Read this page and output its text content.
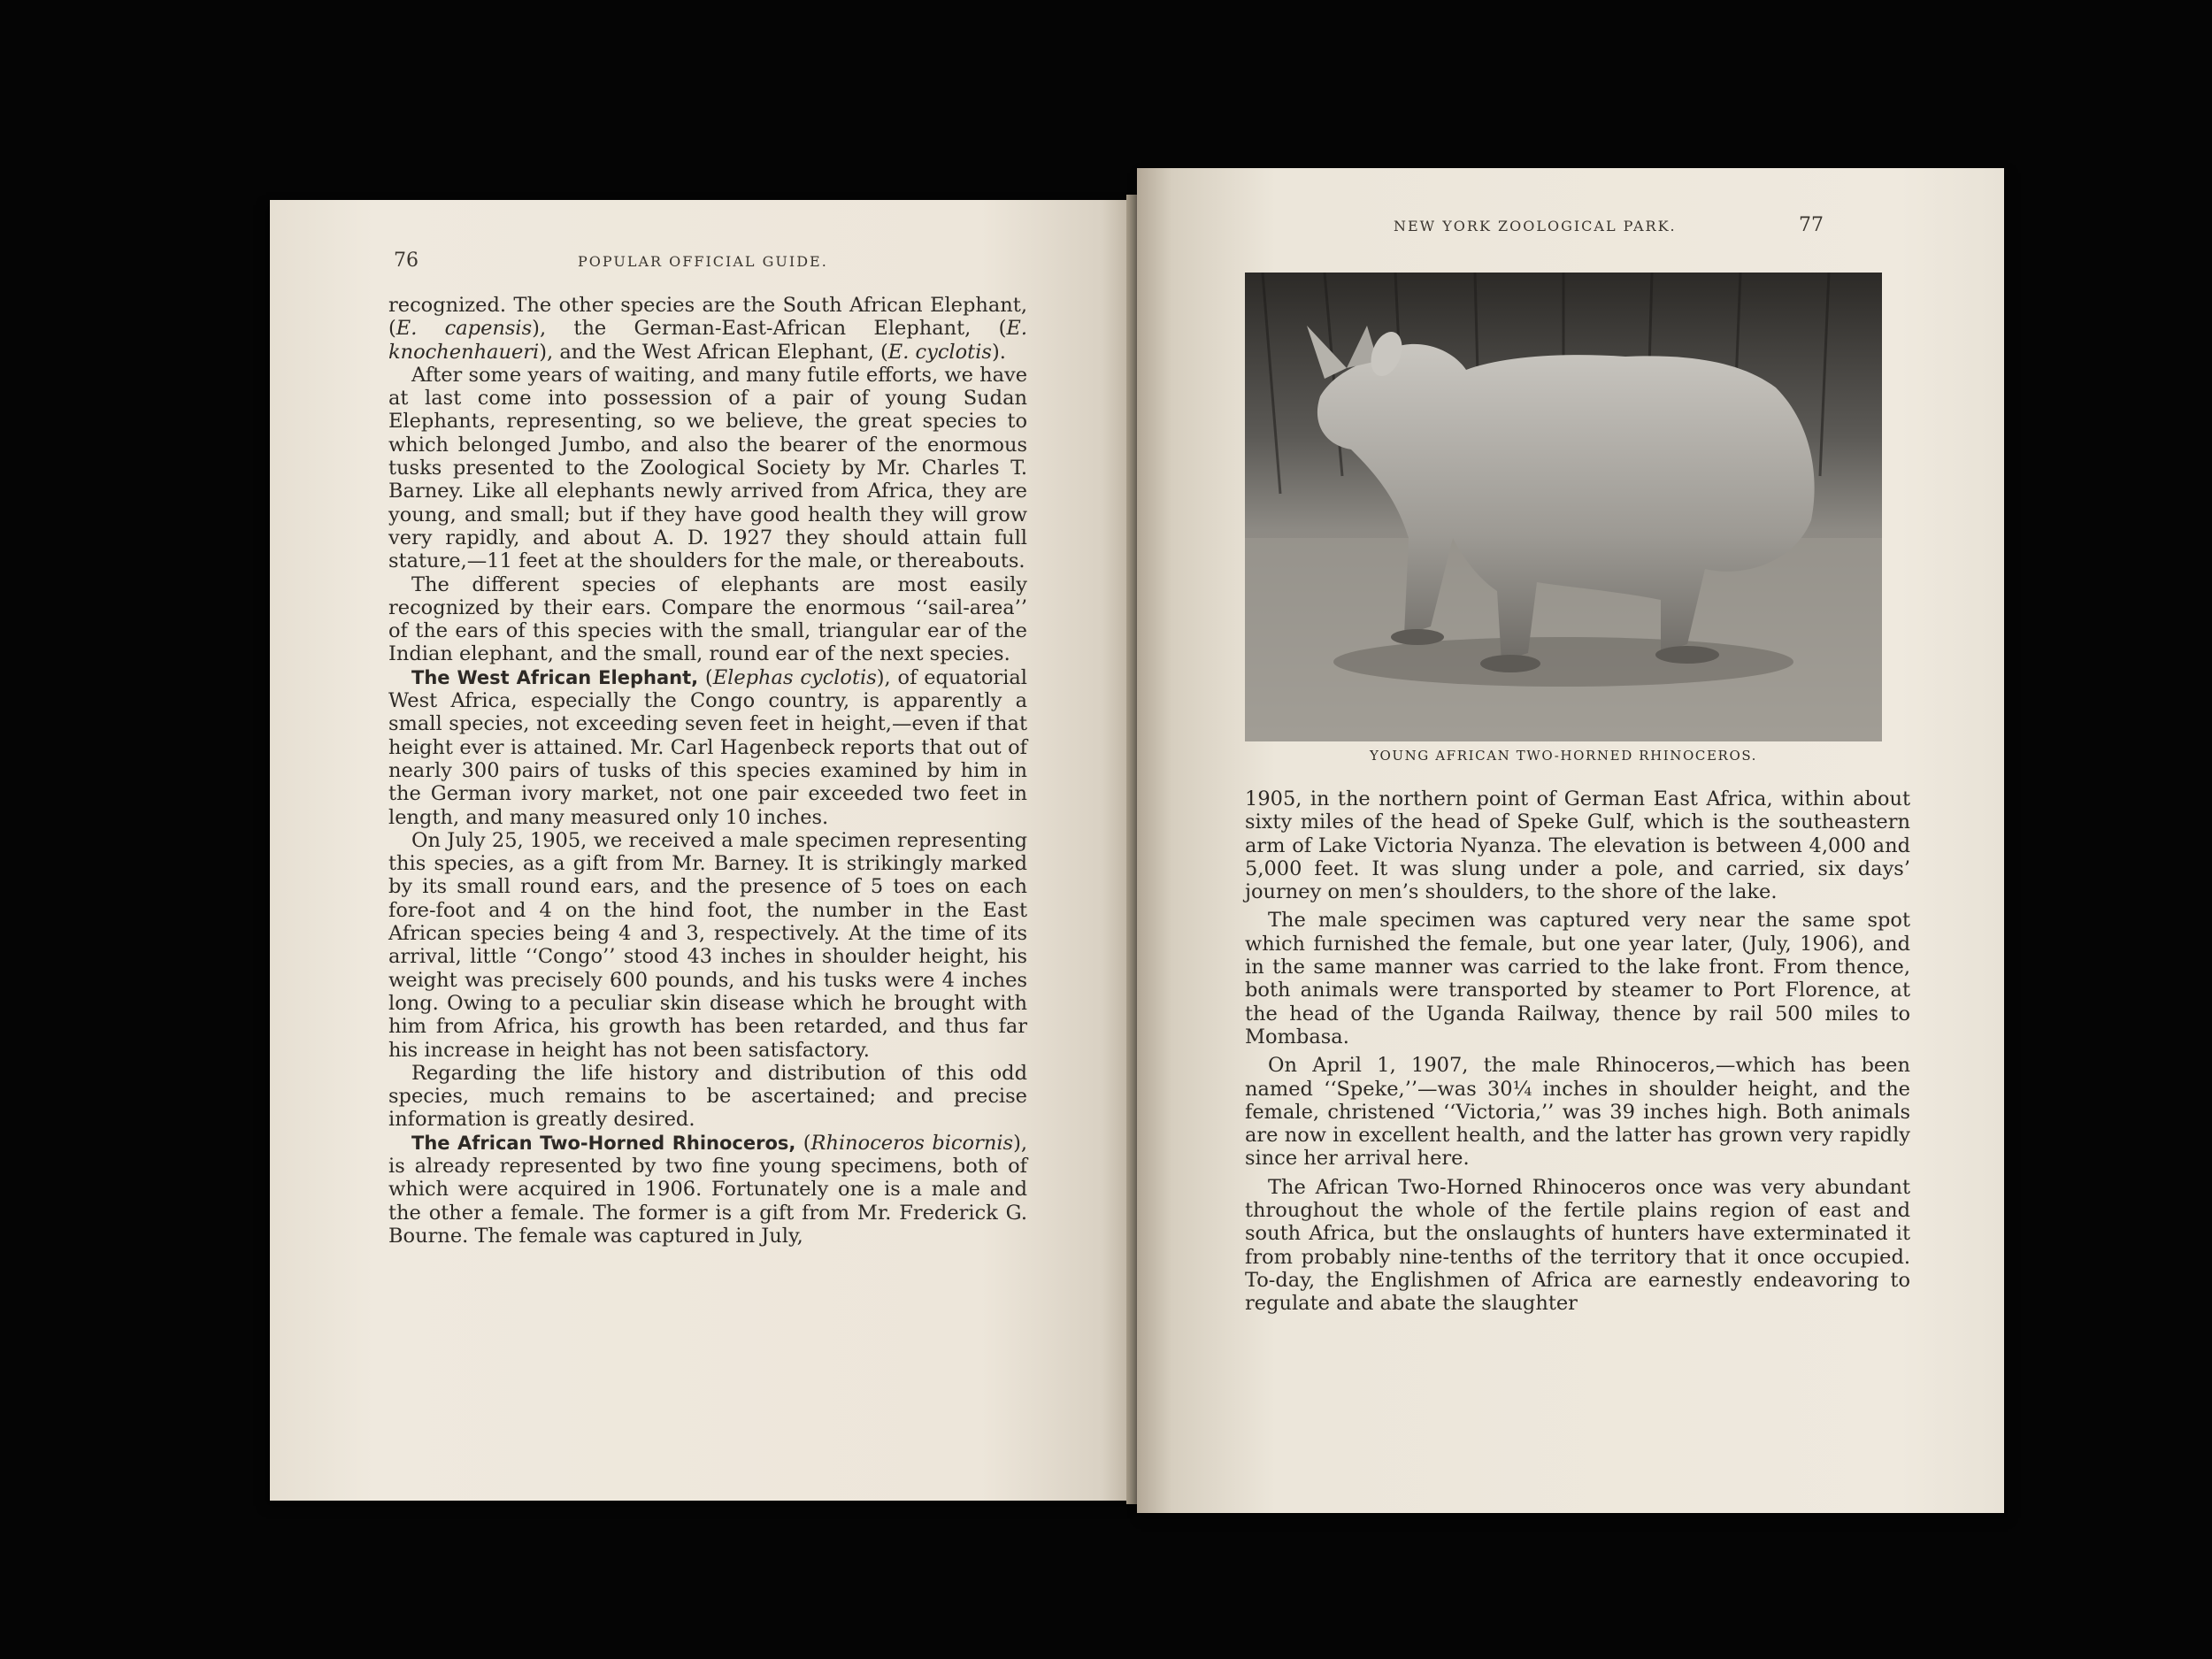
76	POPULAR OFFICIAL GUIDE.

recognized. The other species are the South African Elephant, (E. capensis), the German-East-African Elephant, (E. knochenhaueri), and the West African Elephant, (E. cyclotis).

After some years of waiting, and many futile efforts, we have at last come into possession of a pair of young Sudan Elephants, representing, so we believe, the great species to which belonged Jumbo, and also the bearer of the enormous tusks presented to the Zoological Society by Mr. Charles T. Barney. Like all elephants newly arrived from Africa, they are young, and small; but if they have good health they will grow very rapidly, and about A. D. 1927 they should attain full stature,—11 feet at the shoulders for the male, or thereabouts.

The different species of elephants are most easily recognized by their ears. Compare the enormous ‘‘sail-area’’ of the ears of this species with the small, triangular ear of the Indian elephant, and the small, round ear of the next species.

The West African Elephant, (Elephas cyclotis), of equatorial West Africa, especially the Congo country, is apparently a small species, not exceeding seven feet in height,—even if that height ever is attained. Mr. Carl Hagenbeck reports that out of nearly 300 pairs of tusks of this species examined by him in the German ivory market, not one pair exceeded two feet in length, and many measured only 10 inches.

On July 25, 1905, we received a male specimen representing this species, as a gift from Mr. Barney. It is strikingly marked by its small round ears, and the presence of 5 toes on each fore-foot and 4 on the hind foot, the number in the East African species being 4 and 3, respectively. At the time of its arrival, little ‘‘Congo’’ stood 43 inches in shoulder height, his weight was precisely 600 pounds, and his tusks were 4 inches long. Owing to a peculiar skin disease which he brought with him from Africa, his growth has been retarded, and thus far his increase in height has not been satisfactory.

Regarding the life history and distribution of this odd species, much remains to be ascertained; and precise information is greatly desired.

The African Two-Horned Rhinoceros, (Rhinoceros bicornis), is already represented by two fine young specimens, both of which were acquired in 1906. Fortunately one is a male and the other a female. The former is a gift from Mr. Frederick G. Bourne. The female was captured in July,

NEW YORK ZOOLOGICAL PARK.	77
YOUNG AFRICAN TWO-HORNED RHINOCEROS.

1905, in the northern point of German East Africa, within about sixty miles of the head of Speke Gulf, which is the southeastern arm of Lake Victoria Nyanza. The elevation is between 4,000 and 5,000 feet. It was slung under a pole, and carried, six days’ journey on men’s shoulders, to the shore of the lake.

The male specimen was captured very near the same spot which furnished the female, but one year later, (July, 1906), and in the same manner was carried to the lake front. From thence, both animals were transported by steamer to Port Florence, at the head of the Uganda Railway, thence by rail 500 miles to Mombasa.

On April 1, 1907, the male Rhinoceros,—which has been named ‘‘Speke,’’—was 30¼ inches in shoulder height, and the female, christened ‘‘Victoria,’’ was 39 inches high. Both animals are now in excellent health, and the latter has grown very rapidly since her arrival here.

The African Two-Horned Rhinoceros once was very abundant throughout the whole of the fertile plains region of east and south Africa, but the onslaughts of hunters have exterminated it from probably nine-tenths of the territory that it once occupied. To-day, the Englishmen of Africa are earnestly endeavoring to regulate and abate the slaughter
